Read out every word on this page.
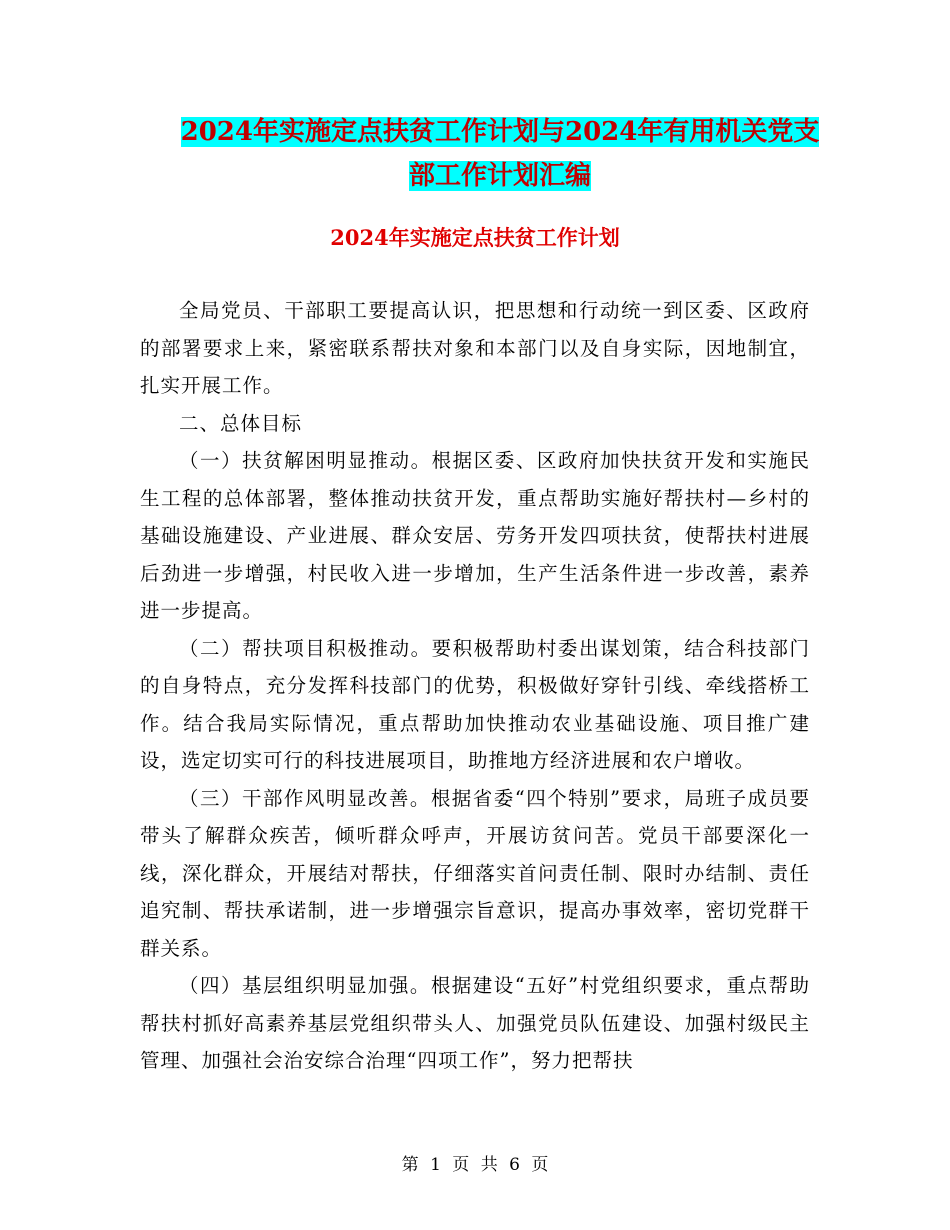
2024年实施定点扶贫工作计划与2024年有用机关党支
部工作计划汇编
2024年实施定点扶贫工作计划

全局党员、干部职工要提高认识，把思想和行动统一到区委、区政府的部署要求上来，紧密联系帮扶对象和本部门以及自身实际，因地制宜，扎实开展工作。

二、总体目标

（一）扶贫解困明显推动。根据区委、区政府加快扶贫开发和实施民生工程的总体部署，整体推动扶贫开发，重点帮助实施好帮扶村—乡村的基础设施建设、产业进展、群众安居、劳务开发四项扶贫，使帮扶村进展后劲进一步增强，村民收入进一步增加，生产生活条件进一步改善，素养进一步提高。

（二）帮扶项目积极推动。要积极帮助村委出谋划策，结合科技部门的自身特点，充分发挥科技部门的优势，积极做好穿针引线、牵线搭桥工作。结合我局实际情况，重点帮助加快推动农业基础设施、项目推广建设，选定切实可行的科技进展项目，助推地方经济进展和农户增收。

（三）干部作风明显改善。根据省委“四个特别”要求，局班子成员要带头了解群众疾苦，倾听群众呼声，开展访贫问苦。党员干部要深化一线，深化群众，开展结对帮扶，仔细落实首问责任制、限时办结制、责任追究制、帮扶承诺制，进一步增强宗旨意识，提高办事效率，密切党群干群关系。

（四）基层组织明显加强。根据建设“五好”村党组织要求，重点帮助帮扶村抓好高素养基层党组织带头人、加强党员队伍建设、加强村级民主管理、加强社会治安综合治理“四项工作”，努力把帮扶

第 1 页 共 6 页
